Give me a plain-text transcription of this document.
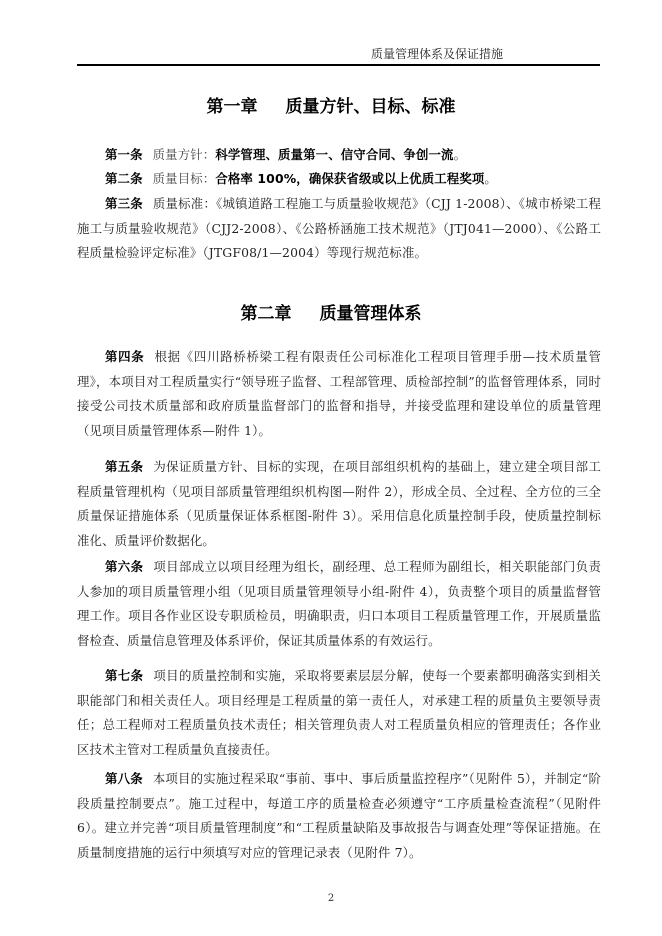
质量管理体系及保证措施
第一章 质量方针、目标、标准
第一条 质量方针：科学管理、质量第一、信守合同、争创一流。
第二条 质量目标：合格率 100%，确保获省级或以上优质工程奖项。
第三条 质量标准：《城镇道路工程施工与质量验收规范》（CJJ 1-2008）、《城市桥梁工程施工与质量验收规范》（CJJ2-2008）、《公路桥涵施工技术规范》（JTJ041—2000）、《公路工程质量检验评定标准》（JTGF08/1—2004）等现行规范标准。
第二章 质量管理体系
第四条 根据《四川路桥桥梁工程有限责任公司标准化工程项目管理手册—技术质量管理》，本项目对工程质量实行“领导班子监督、工程部管理、质检部控制”的监督管理体系，同时接受公司技术质量部和政府质量监督部门的监督和指导，并接受监理和建设单位的质量管理（见项目质量管理体系—附件 1）。
第五条 为保证质量方针、目标的实现，在项目部组织机构的基础上，建立建全项目部工程质量管理机构（见项目部质量管理组织机构图—附件 2），形成全员、全过程、全方位的三全质量保证措施体系（见质量保证体系框图-附件 3）。采用信息化质量控制手段，使质量控制标准化、质量评价数据化。
第六条 项目部成立以项目经理为组长，副经理、总工程师为副组长，相关职能部门负责人参加的项目质量管理小组（见项目质量管理领导小组-附件 4），负责整个项目的质量监督管理工作。项目各作业区设专职质检员，明确职责，归口本项目工程质量管理工作，开展质量监督检查、质量信息管理及体系评价，保证其质量体系的有效运行。
第七条 项目的质量控制和实施，采取将要素层层分解，使每一个要素都明确落实到相关职能部门和相关责任人。项目经理是工程质量的第一责任人，对承建工程的质量负主要领导责任；总工程师对工程质量负技术责任；相关管理负责人对工程质量负相应的管理责任；各作业区技术主管对工程质量负直接责任。
第八条 本项目的实施过程采取“事前、事中、事后质量监控程序”（见附件 5），并制定“阶段质量控制要点”。施工过程中，每道工序的质量检查必须遵守“工序质量检查流程”（见附件 6）。建立并完善“项目质量管理制度”和“工程质量缺陷及事故报告与调查处理”等保证措施。在质量制度措施的运行中须填写对应的管理记录表（见附件 7）。
2
